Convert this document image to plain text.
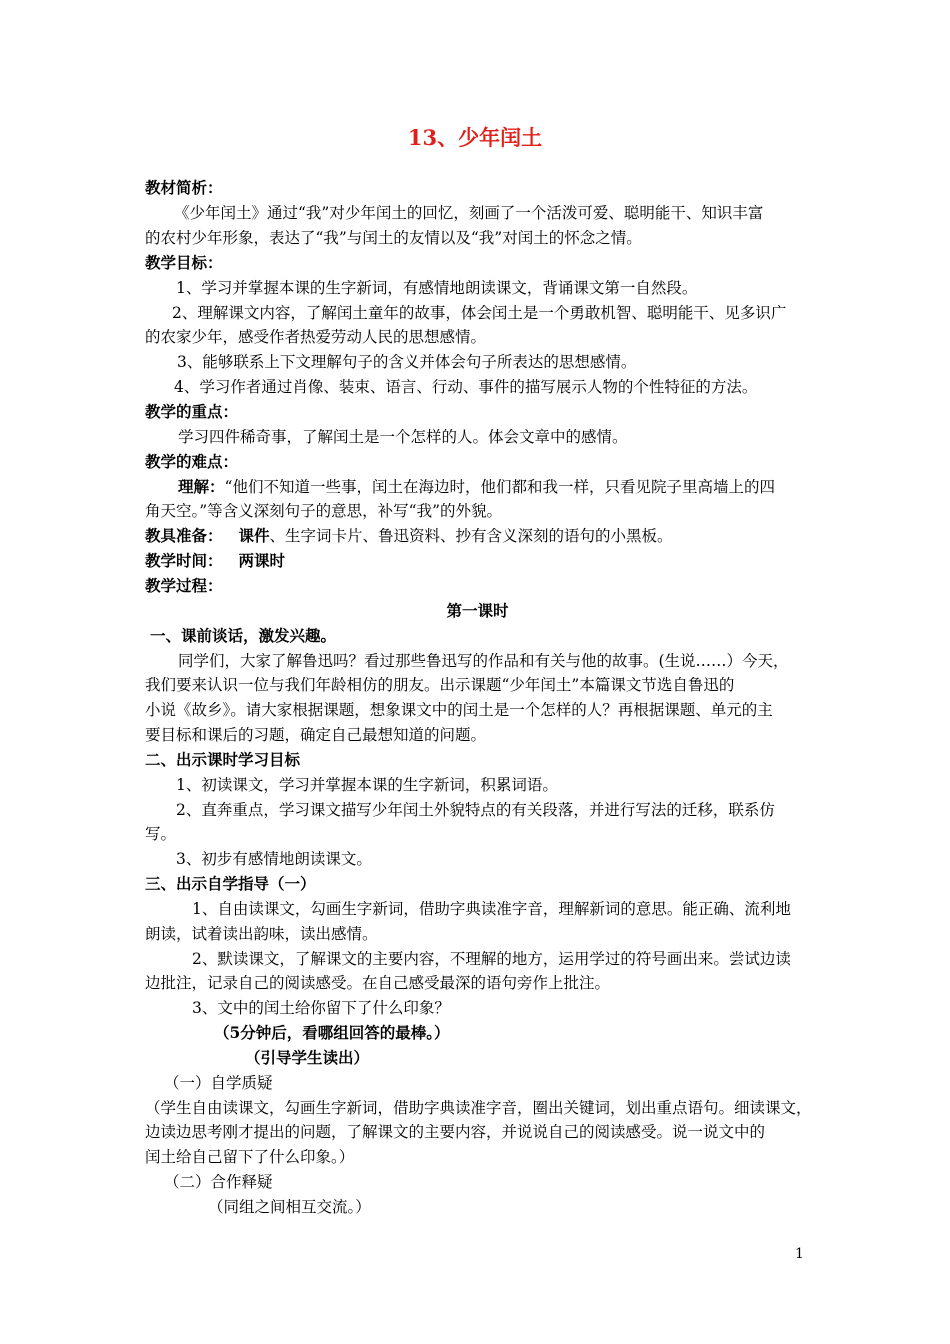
13、少年闰土
教材简析：
《少年闰土》通过“我”对少年闰土的回忆，刻画了一个活泼可爱、聪明能干、知识丰富
的农村少年形象，表达了“我”与闰土的友情以及“我”对闰土的怀念之情。
教学目标：
1、学习并掌握本课的生字新词，有感情地朗读课文，背诵课文第一自然段。
2、理解课文内容，了解闰土童年的故事，体会闰土是一个勇敢机智、聪明能干、见多识广
的农家少年，感受作者热爱劳动人民的思想感情。
3、能够联系上下文理解句子的含义并体会句子所表达的思想感情。
4、学习作者通过肖像、装束、语言、行动、事件的描写展示人物的个性特征的方法。
教学的重点：
学习四件稀奇事，了解闰土是一个怎样的人。体会文章中的感情。
教学的难点：
理解：“他们不知道一些事，闰土在海边时，他们都和我一样，只看见院子里高墙上的四
角天空。”等含义深刻句子的意思，补写“我”的外貌。
教具准备： 课件、生字词卡片、鲁迅资料、抄有含义深刻的语句的小黑板。
教学时间： 两课时
教学过程：
第一课时
一、课前谈话，激发兴趣。
同学们，大家了解鲁迅吗？看过那些鲁迅写的作品和有关与他的故事。(生说……）今天，
我们要来认识一位与我们年龄相仿的朋友。出示课题“少年闰土”本篇课文节选自鲁迅的
小说《故乡》。请大家根据课题，想象课文中的闰土是一个怎样的人？再根据课题、单元的主
要目标和课后的习题，确定自己最想知道的问题。
二、出示课时学习目标
1、初读课文，学习并掌握本课的生字新词，积累词语。
2、直奔重点，学习课文描写少年闰土外貌特点的有关段落，并进行写法的迁移，联系仿
写。
3、初步有感情地朗读课文。
三、出示自学指导（一）
1、自由读课文，勾画生字新词，借助字典读准字音，理解新词的意思。能正确、流利地
朗读，试着读出韵味，读出感情。
2、默读课文，了解课文的主要内容，不理解的地方，运用学过的符号画出来。尝试边读
边批注，记录自己的阅读感受。在自己感受最深的语句旁作上批注。
3、文中的闰土给你留下了什么印象？
（5分钟后，看哪组回答的最棒。）
（引导学生读出）
（一）自学质疑
（学生自由读课文，勾画生字新词，借助字典读准字音，圈出关键词，划出重点语句。细读课文，
边读边思考刚才提出的问题，了解课文的主要内容，并说说自己的阅读感受。说一说文中的
闰土给自己留下了什么印象。）
（二）合作释疑
（同组之间相互交流。）
1
